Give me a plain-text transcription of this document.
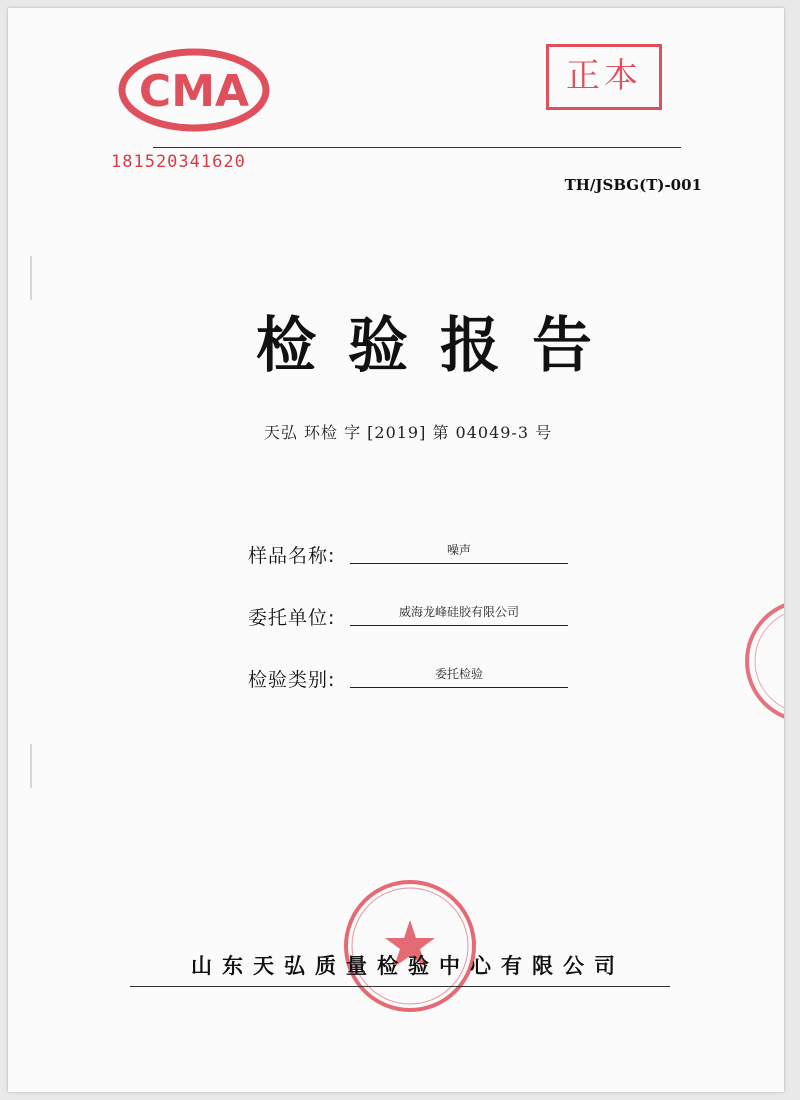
CMA
181520341620
正本
TH/JSBG(T)-001
检验报告
天弘 环检 字 [2019] 第 04049-3 号
样品名称:	噪声
委托单位:	威海龙峰硅胶有限公司
检验类别:	委托检验
山东天弘质量检验中心有限公司
